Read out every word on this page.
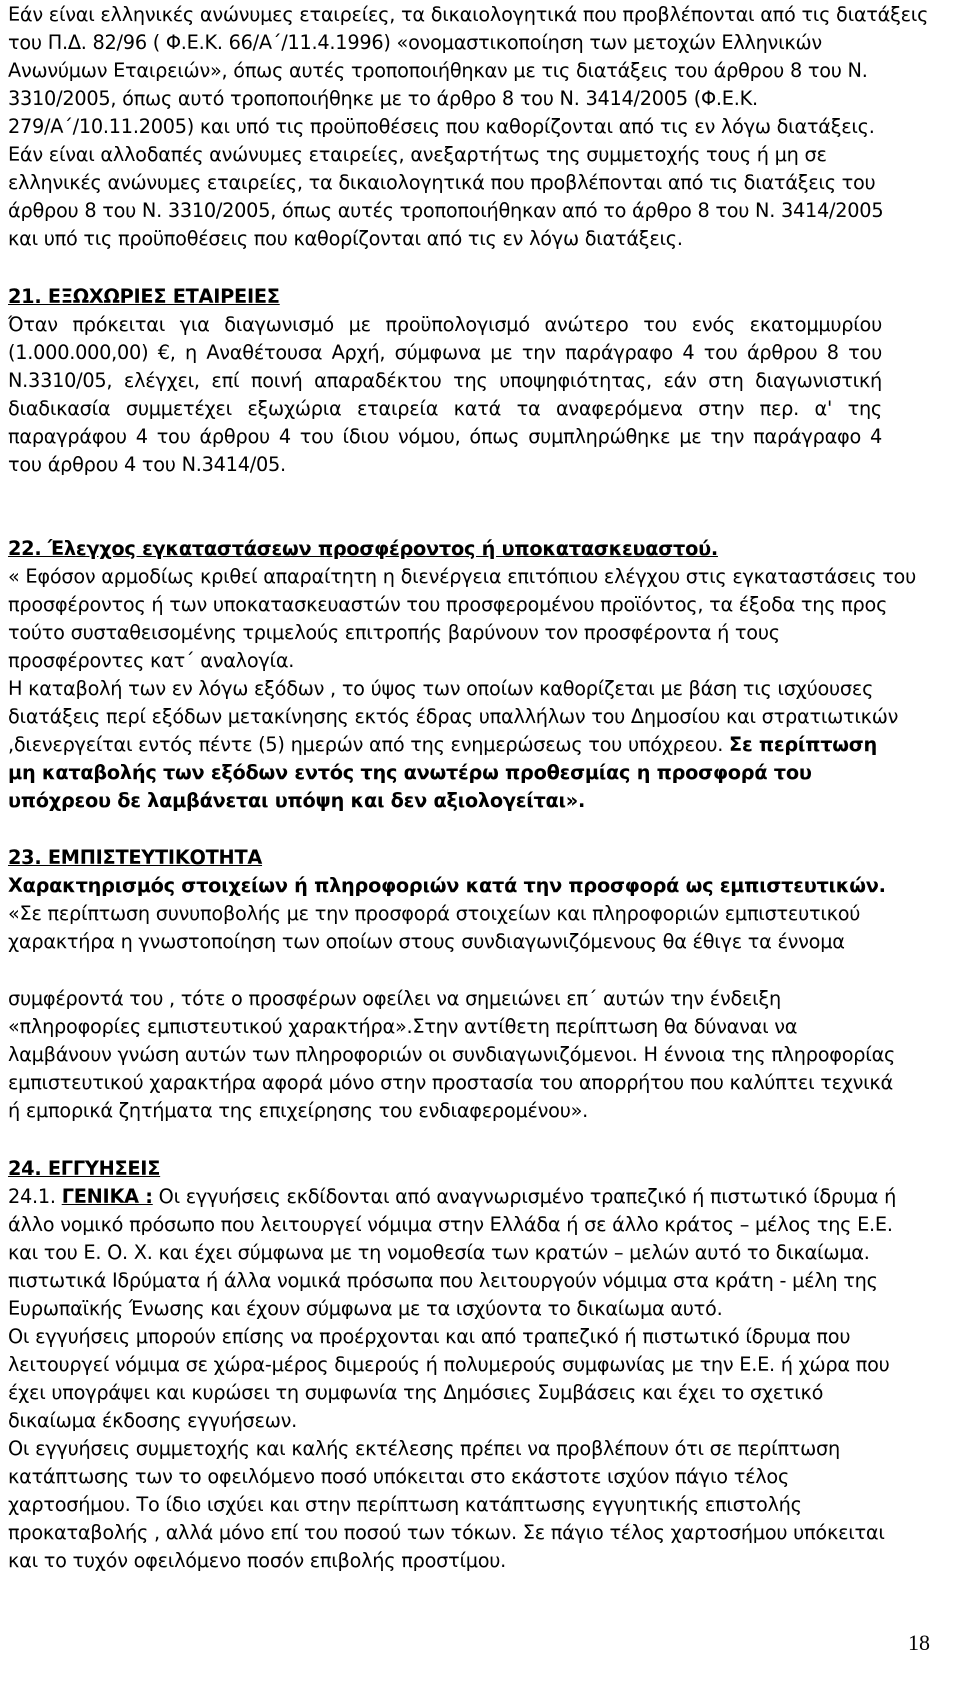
Εάν είναι ελληνικές ανώνυμες εταιρείες, τα δικαιολογητικά που προβλέπονται από τις διατάξεις
του Π.Δ. 82/96 ( Φ.Ε.Κ. 66/Α΄/11.4.1996) «ονομαστικοποίηση των μετοχών Ελληνικών
Ανωνύμων Εταιρειών», όπως αυτές τροποποιήθηκαν με τις διατάξεις του άρθρου 8 του Ν.
3310/2005, όπως αυτό τροποποιήθηκε με το άρθρο 8 του Ν. 3414/2005 (Φ.Ε.Κ.
279/Α΄/10.11.2005) και υπό τις προϋποθέσεις που καθορίζονται από τις εν λόγω διατάξεις.
Εάν είναι αλλοδαπές ανώνυμες εταιρείες, ανεξαρτήτως της συμμετοχής τους ή μη σε
ελληνικές ανώνυμες εταιρείες, τα δικαιολογητικά που προβλέπονται από τις διατάξεις του
άρθρου 8 του Ν. 3310/2005, όπως αυτές τροποποιήθηκαν από το άρθρο 8 του Ν. 3414/2005
και υπό τις προϋποθέσεις που καθορίζονται από τις εν λόγω διατάξεις.
21. ΕΞΩΧΩΡΙΕΣ ΕΤΑΙΡΕΙΕΣ
Όταν πρόκειται για διαγωνισμό με προϋπολογισμό ανώτερο του ενός εκατομμυρίου
(1.000.000,00) €, η Αναθέτουσα Αρχή, σύμφωνα με την παράγραφο 4 του άρθρου 8 του
Ν.3310/05, ελέγχει, επί ποινή απαραδέκτου της υποψηφιότητας, εάν στη διαγωνιστική
διαδικασία συμμετέχει εξωχώρια εταιρεία κατά τα αναφερόμενα στην περ. α' της
παραγράφου 4 του άρθρου 4 του ίδιου νόμου, όπως συμπληρώθηκε με την παράγραφο 4
του άρθρου 4 του Ν.3414/05.
22. Έλεγχος εγκαταστάσεων προσφέροντος ή υποκατασκευαστού.
« Εφόσον αρμοδίως κριθεί απαραίτητη η διενέργεια επιτόπιου ελέγχου στις εγκαταστάσεις του
προσφέροντος ή των υποκατασκευαστών του προσφερομένου προϊόντος, τα έξοδα της προς
τούτο συσταθεισομένης τριμελούς επιτροπής βαρύνουν τον προσφέροντα ή τους
προσφέροντες κατ΄ αναλογία.
Η καταβολή των εν λόγω εξόδων , το ύψος των οποίων καθορίζεται με βάση τις ισχύουσες
διατάξεις περί εξόδων μετακίνησης εκτός έδρας υπαλλήλων του Δημοσίου και στρατιωτικών
,διενεργείται εντός πέντε (5) ημερών από της ενημερώσεως του υπόχρεου. Σε περίπτωση
μη καταβολής των εξόδων εντός της ανωτέρω προθεσμίας η προσφορά του
υπόχρεου δε λαμβάνεται υπόψη και δεν αξιολογείται».
23. ΕΜΠΙΣΤΕΥΤΙΚΟΤΗΤΑ
Χαρακτηρισμός στοιχείων ή πληροφοριών κατά την προσφορά ως εμπιστευτικών.
«Σε περίπτωση συνυποβολής με την προσφορά στοιχείων και πληροφοριών εμπιστευτικού
χαρακτήρα η γνωστοποίηση των οποίων στους συνδιαγωνιζόμενους θα έθιγε τα έννομα
συμφέροντά του , τότε ο προσφέρων οφείλει να σημειώνει επ΄ αυτών την ένδειξη
«πληροφορίες εμπιστευτικού χαρακτήρα».Στην αντίθετη περίπτωση θα δύναναι να
λαμβάνουν γνώση αυτών των πληροφοριών οι συνδιαγωνιζόμενοι. Η έννοια της πληροφορίας
εμπιστευτικού χαρακτήρα αφορά μόνο στην προστασία του απορρήτου που καλύπτει τεχνικά
ή εμπορικά ζητήματα της επιχείρησης του ενδιαφερομένου».
24. ΕΓΓΥΗΣΕΙΣ
24.1. ΓΕΝΙΚΑ : Οι εγγυήσεις εκδίδονται από αναγνωρισμένο τραπεζικό ή πιστωτικό ίδρυμα ή
άλλο νομικό πρόσωπο που λειτουργεί νόμιμα στην Ελλάδα ή σε άλλο κράτος – μέλος της Ε.Ε.
και του Ε. Ο. Χ. και έχει σύμφωνα με τη νομοθεσία των κρατών – μελών αυτό το δικαίωμα.
πιστωτικά Ιδρύματα ή άλλα νομικά πρόσωπα που λειτουργούν νόμιμα στα κράτη - μέλη της
Ευρωπαϊκής Ένωσης και έχουν σύμφωνα με τα ισχύοντα το δικαίωμα αυτό.
Οι εγγυήσεις μπορούν επίσης να προέρχονται και από τραπεζικό ή πιστωτικό ίδρυμα που
λειτουργεί νόμιμα σε χώρα-μέρος διμερούς ή πολυμερούς συμφωνίας με την Ε.Ε. ή χώρα που
έχει υπογράψει και κυρώσει τη συμφωνία της Δημόσιες Συμβάσεις και έχει το σχετικό
δικαίωμα έκδοσης εγγυήσεων.
Οι εγγυήσεις συμμετοχής και καλής εκτέλεσης πρέπει να προβλέπουν ότι σε περίπτωση
κατάπτωσης των το οφειλόμενο ποσό υπόκειται στο εκάστοτε ισχύον πάγιο τέλος
χαρτοσήμου. Το ίδιο ισχύει και στην περίπτωση κατάπτωσης εγγυητικής επιστολής
προκαταβολής , αλλά μόνο επί του ποσού των τόκων. Σε πάγιο τέλος χαρτοσήμου υπόκειται
και το τυχόν οφειλόμενο ποσόν επιβολής προστίμου.
18
